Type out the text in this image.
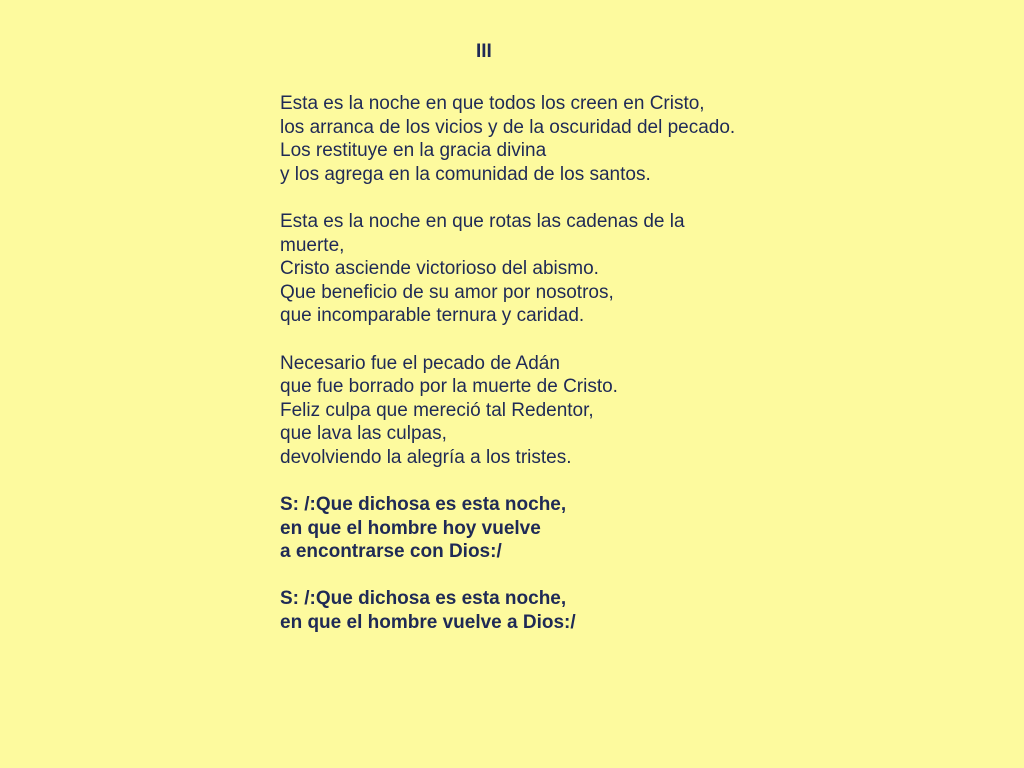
III
Esta es la noche en que todos los creen en Cristo,
los arranca de los vicios y de la oscuridad del pecado.
Los restituye en la gracia divina
y los agrega en la comunidad de los santos.
Esta es la noche en que rotas las cadenas de la
muerte,
Cristo asciende victorioso del abismo.
Que beneficio de su amor por nosotros,
que incomparable ternura y caridad.
Necesario fue el pecado de Adán
que fue borrado por la muerte de Cristo.
Feliz culpa que mereció tal Redentor,
que lava las culpas,
devolviendo la alegría a los tristes.
S: /:Que dichosa es esta noche,
en que el hombre hoy vuelve
a encontrarse con Dios:/
S: /:Que dichosa es esta noche,
en que el hombre vuelve a Dios:/
